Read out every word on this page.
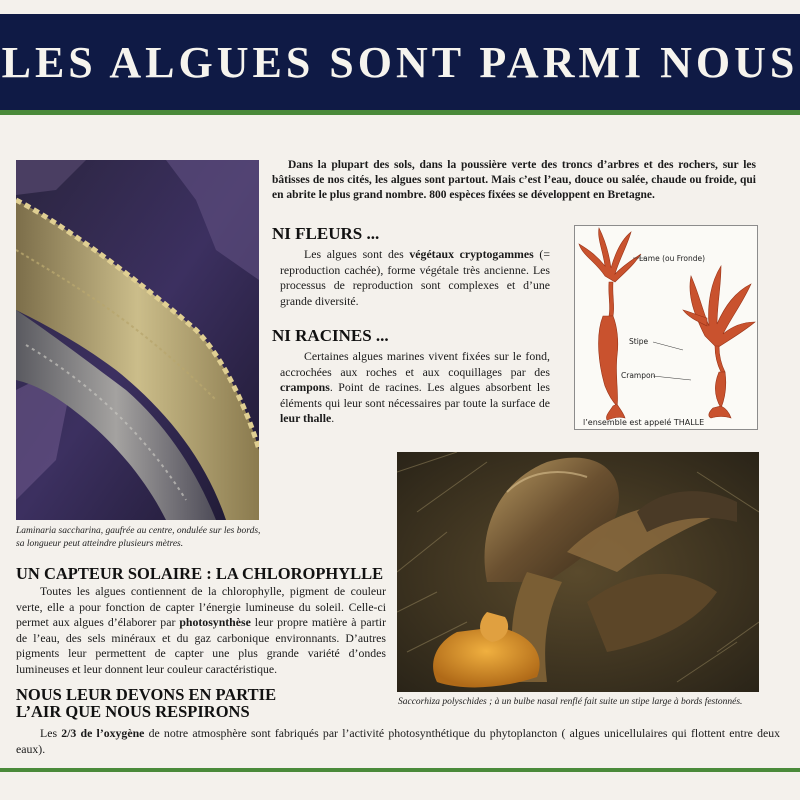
LES ALGUES SONT PARMI NOUS
Laminaria saccharina, gaufrée au centre, ondulée sur les bords, sa longueur peut atteindre plusieurs mètres.

Dans la plupart des sols, dans la poussière verte des troncs d’arbres et des rochers, sur les bâtisses de nos cités, les algues sont partout. Mais c’est l’eau, douce ou salée, chaude ou froide, qui en abrite le plus grand nombre. 800 espèces fixées se développent en Bretagne.

NI FLEURS ...

Les algues sont des végétaux cryptogammes (= reproduction cachée), forme végétale très ancienne. Les processus de reproduction sont complexes et d’une grande diversité.

NI RACINES ...

Certaines algues marines vivent fixées sur le fond, accrochées aux roches et aux coquillages par des crampons. Point de racines. Les algues absorbent les éléments qui leur sont nécessaires par toute la surface de leur thalle.

Lame (ou Fronde)
Stipe
Crampon
l’ensemble est appelé THALLE
Saccorhiza polyschides ; à un bulbe nasal renflé fait suite un stipe large à bords festonnés.
UN CAPTEUR SOLAIRE : LA CHLOROPHYLLE

Toutes les algues contiennent de la chlorophylle, pigment de couleur verte, elle a pour fonction de capter l’énergie lumineuse du soleil. Celle-ci permet aux algues d’élaborer par photosynthèse leur propre matière à partir de l’eau, des sels minéraux et du gaz carbonique environnants. D’autres pigments leur permettent de capter une plus grande variété d’ondes lumineuses et leur donnent leur couleur caractéristique.

NOUS LEUR DEVONS EN PARTIE
L’AIR QUE NOUS RESPIRONS

Les 2/3 de l’oxygène de notre atmosphère sont fabriqués par l’activité photosynthétique du phytoplancton ( algues unicellulaires qui flottent entre deux eaux).
